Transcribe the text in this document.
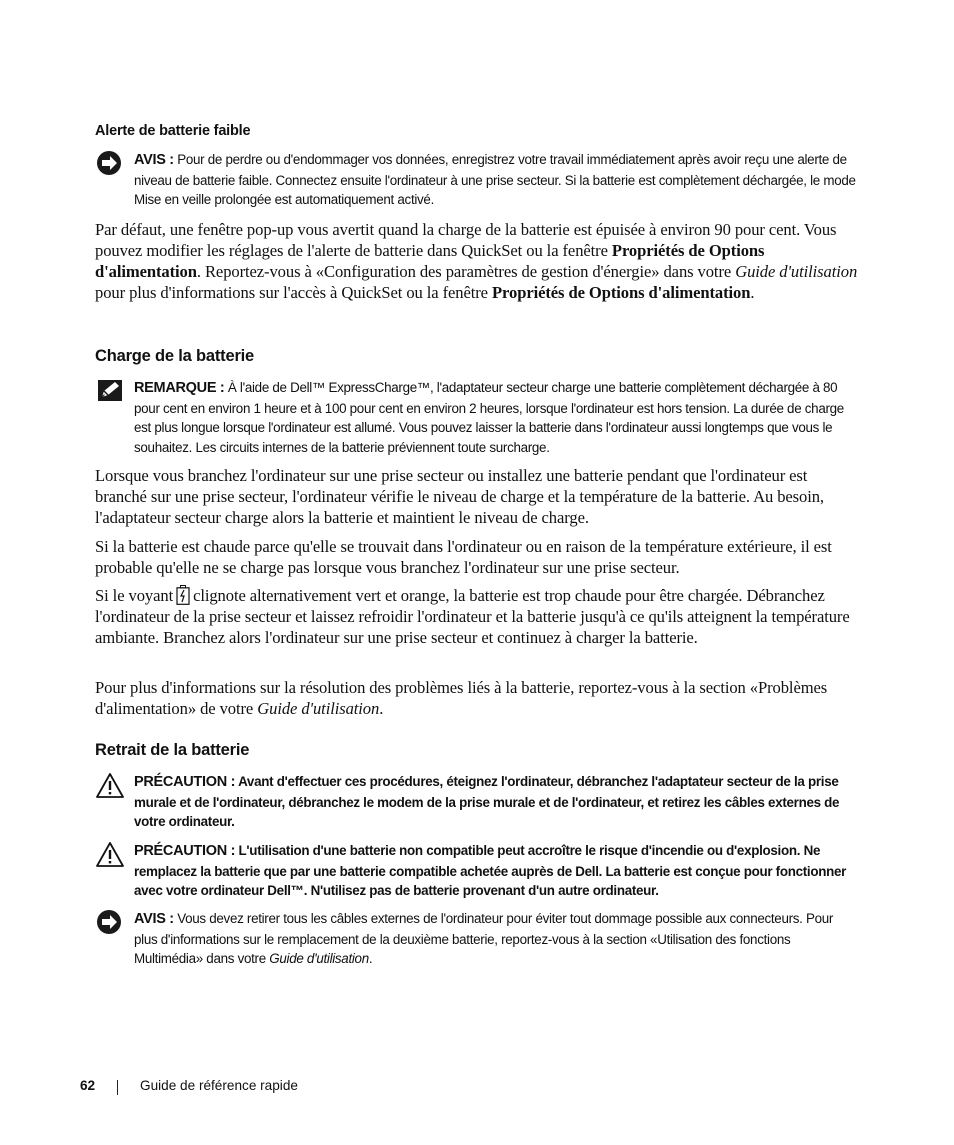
Alerte de batterie faible
AVIS : Pour de perdre ou d'endommager vos données, enregistrez votre travail immédiatement après avoir reçu une alerte de niveau de batterie faible. Connectez ensuite l'ordinateur à une prise secteur. Si la batterie est complètement déchargée, le mode Mise en veille prolongée est automatiquement activé.

Par défaut, une fenêtre pop-up vous avertit quand la charge de la batterie est épuisée à environ 90 pour cent. Vous pouvez modifier les réglages de l'alerte de batterie dans QuickSet ou la fenêtre Propriétés de Options d'alimentation. Reportez-vous à «Configuration des paramètres de gestion d'énergie» dans votre Guide d'utilisation pour plus d'informations sur l'accès à QuickSet ou la fenêtre Propriétés de Options d'alimentation.

Charge de la batterie
REMARQUE : À l'aide de Dell™ ExpressCharge™, l'adaptateur secteur charge une batterie complètement déchargée à 80 pour cent en environ 1 heure et à 100 pour cent en environ 2 heures, lorsque l'ordinateur est hors tension. La durée de charge est plus longue lorsque l'ordinateur est allumé. Vous pouvez laisser la batterie dans l'ordinateur aussi longtemps que vous le souhaitez. Les circuits internes de la batterie préviennent toute surcharge.

Lorsque vous branchez l'ordinateur sur une prise secteur ou installez une batterie pendant que l'ordinateur est branché sur une prise secteur, l'ordinateur vérifie le niveau de charge et la température de la batterie. Au besoin, l'adaptateur secteur charge alors la batterie et maintient le niveau de charge.

Si la batterie est chaude parce qu'elle se trouvait dans l'ordinateur ou en raison de la température extérieure, il est probable qu'elle ne se charge pas lorsque vous branchez l'ordinateur sur une prise secteur.

Si le voyant clignote alternativement vert et orange, la batterie est trop chaude pour être chargée. Débranchez l'ordinateur de la prise secteur et laissez refroidir l'ordinateur et la batterie jusqu'à ce qu'ils atteignent la température ambiante. Branchez alors l'ordinateur sur une prise secteur et continuez à charger la batterie.

Pour plus d'informations sur la résolution des problèmes liés à la batterie, reportez-vous à la section «Problèmes d'alimentation» de votre Guide d'utilisation.

Retrait de la batterie
PRÉCAUTION : Avant d'effectuer ces procédures, éteignez l'ordinateur, débranchez l'adaptateur secteur de la prise murale et de l'ordinateur, débranchez le modem de la prise murale et de l'ordinateur, et retirez les câbles externes de votre ordinateur.
PRÉCAUTION : L'utilisation d'une batterie non compatible peut accroître le risque d'incendie ou d'explosion. Ne remplacez la batterie que par une batterie compatible achetée auprès de Dell. La batterie est conçue pour fonctionner avec votre ordinateur Dell™. N'utilisez pas de batterie provenant d'un autre ordinateur.
AVIS : Vous devez retirer tous les câbles externes de l'ordinateur pour éviter tout dommage possible aux connecteurs. Pour plus d'informations sur le remplacement de la deuxième batterie, reportez-vous à la section «Utilisation des fonctions Multimédia» dans votre Guide d'utilisation.
62	Guide de référence rapide
